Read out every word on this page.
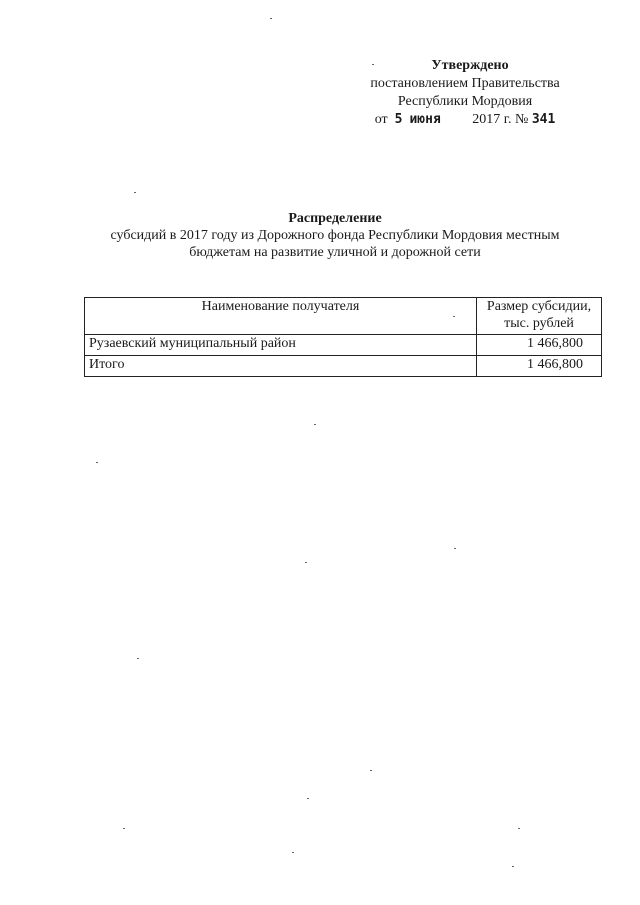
Утверждено
постановлением Правительства
Республики Мордовия
от 5 июня 2017 г. № 341
Распределение
субсидий в 2017 году из Дорожного фонда Республики Мордовия местным
бюджетам на развитие уличной и дорожной сети
Наименование получателя	Размер субсидии,
тыс. рублей

Рузаевский муниципальный район	1 466,800
Итого	1 466,800
